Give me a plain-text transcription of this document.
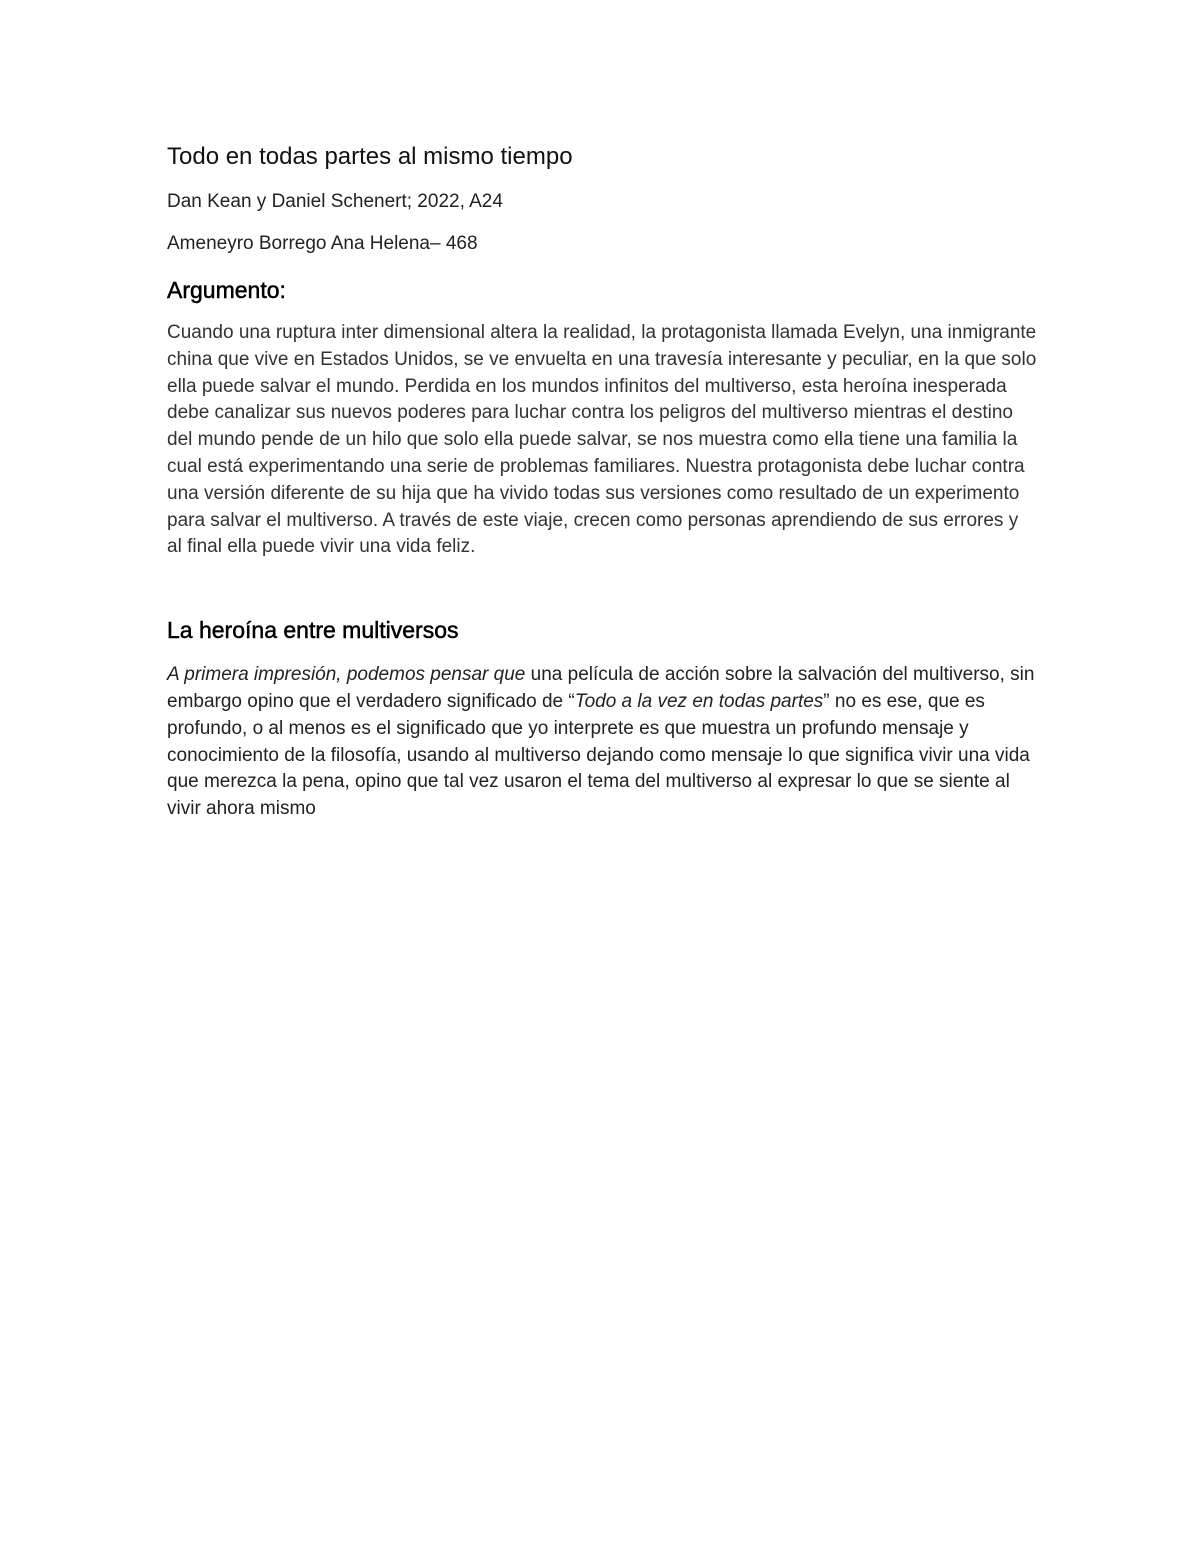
Todo en todas partes al mismo tiempo

Dan Kean y Daniel Schenert; 2022, A24

Ameneyro Borrego Ana Helena– 468

Argumento:

Cuando una ruptura inter dimensional altera la realidad, la protagonista llamada Evelyn, una inmigrante china que vive en Estados Unidos, se ve envuelta en una travesía interesante y peculiar, en la que solo ella puede salvar el mundo. Perdida en los mundos infinitos del multiverso, esta heroína inesperada debe canalizar sus nuevos poderes para luchar contra los peligros del multiverso mientras el destino del mundo pende de un hilo que solo ella puede salvar, se nos muestra como ella tiene una familia la cual está experimentando una serie de problemas familiares. Nuestra protagonista debe luchar contra una versión diferente de su hija que ha vivido todas sus versiones como resultado de un experimento para salvar el multiverso. A través de este viaje, crecen como personas aprendiendo de sus errores y al final ella puede vivir una vida feliz.

La heroína entre multiversos

A primera impresión, podemos pensar que una película de acción sobre la salvación del multiverso, sin embargo opino que el verdadero significado de “Todo a la vez en todas partes” no es ese, que es profundo, o al menos es el significado que yo interprete es que muestra un profundo mensaje y conocimiento de la filosofía, usando al multiverso dejando como mensaje lo que significa vivir una vida que merezca la pena, opino que tal vez usaron el tema del multiverso al expresar lo que se siente al vivir ahora mismo
